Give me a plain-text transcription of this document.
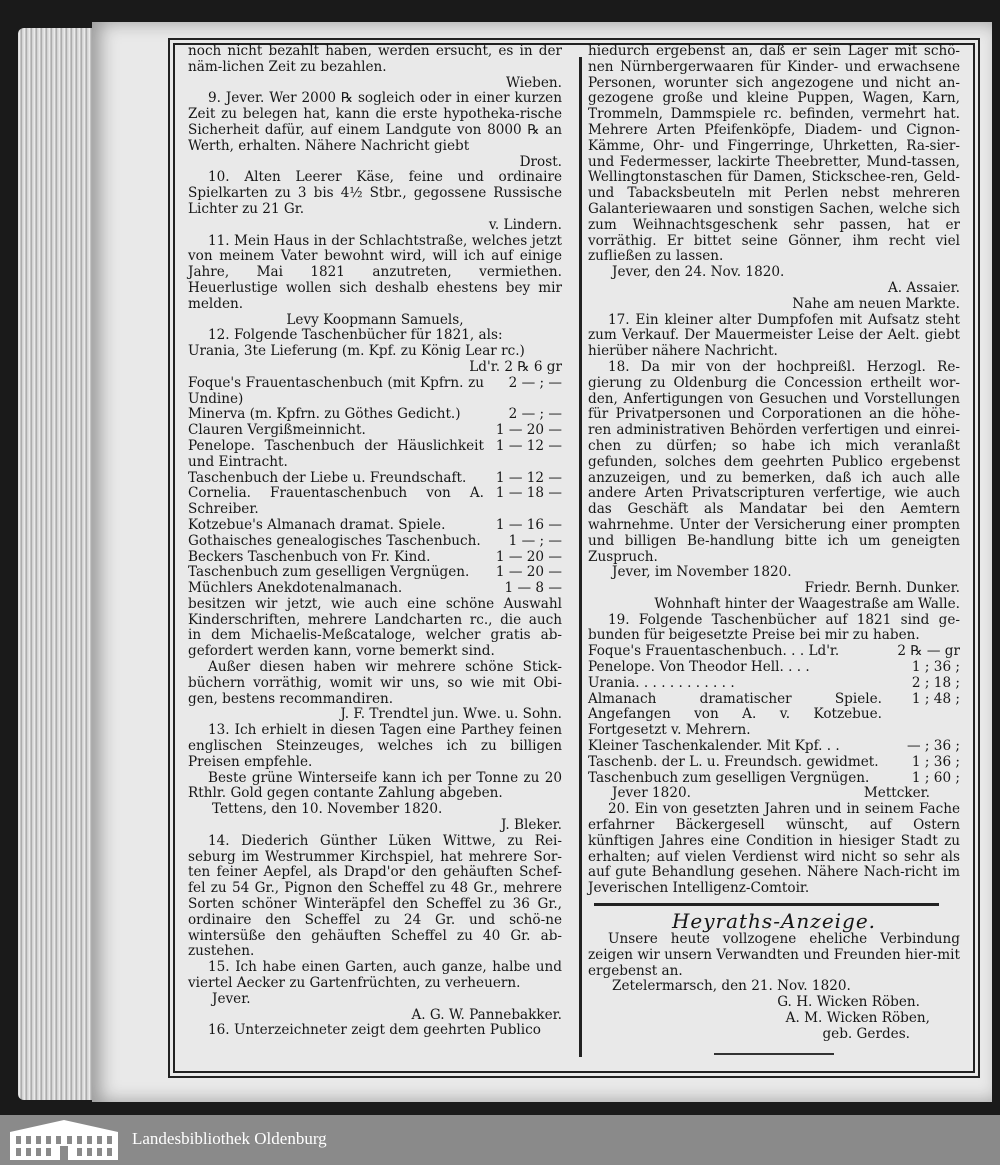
noch nicht bezahlt haben, werden ersucht, es in der näm-lichen Zeit zu bezahlen.

Wieben.

9. Jever. Wer 2000 ℞ sogleich oder in einer kurzen Zeit zu belegen hat, kann die erste hypotheka-rische Sicherheit dafür, auf einem Landgute von 8000 ℞ an Werth, erhalten. Nähere Nachricht giebt

Drost.

10. Alten Leerer Käse, feine und ordinaire Spielkarten zu 3 bis 4½ Stbr., gegossene Russische Lichter zu 21 Gr.

v. Lindern.

11. Mein Haus in der Schlachtstraße, welches jetzt von meinem Vater bewohnt wird, will ich auf einige Jahre, Mai 1821 anzutreten, vermiethen. Heuerlustige wollen sich deshalb ehestens bey mir melden.

Levy Koopmann Samuels,

12. Folgende Taschenbücher für 1821, als:

Urania, 3te Lieferung (m. Kpf. zu König Lear rc.)

Ld'r. 2 ℞ 6 gr

Foque's Frauentaschenbuch (mit Kpfrn. zu Undine)
2 — ; —
Minerva (m. Kpfrn. zu Göthes Gedicht.)	2 — ; —
Clauren Vergißmeinnicht.	1 — 20 —
Penelope. Taschenbuch der Häuslichkeit und Eintracht.
1 — 12 —
Taschenbuch der Liebe u. Freundschaft.	1 — 12 —
Cornelia. Frauentaschenbuch von A. Schreiber.
1 — 18 —
Kotzebue's Almanach dramat. Spiele.	1 — 16 —
Gothaisches genealogisches Taschenbuch.	1 — ; —
Beckers Taschenbuch von Fr. Kind.	1 — 20 —
Taschenbuch zum geselligen Vergnügen.	1 — 20 —
Müchlers Anekdotenalmanach.	1 — 8 —

besitzen wir jetzt, wie auch eine schöne Auswahl Kinderschriften, mehrere Landcharten rc., die auch in dem Michaelis-Meßcataloge, welcher gratis ab-gefordert werden kann, vorne bemerkt sind.

Außer diesen haben wir mehrere schöne Stick-büchern vorräthig, womit wir uns, so wie mit Obi-gen, bestens recommandiren.

J. F. Trendtel jun. Wwe. u. Sohn.

13. Ich erhielt in diesen Tagen eine Parthey feinen englischen Steinzeuges, welches ich zu billigen Preisen empfehle.

Beste grüne Winterseife kann ich per Tonne zu 20 Rthlr. Gold gegen contante Zahlung abgeben.

Tettens, den 10. November 1820.

J. Bleker.

14. Diederich Günther Lüken Wittwe, zu Rei-seburg im Westrummer Kirchspiel, hat mehrere Sor-ten feiner Aepfel, als Drapd'or den gehäuften Schef-fel zu 54 Gr., Pignon den Scheffel zu 48 Gr., mehrere Sorten schöner Winteräpfel den Scheffel zu 36 Gr., ordinaire den Scheffel zu 24 Gr. und schö-ne wintersüße den gehäuften Scheffel zu 40 Gr. ab-zustehen.

15. Ich habe einen Garten, auch ganze, halbe und viertel Aecker zu Gartenfrüchten, zu verheuern.

Jever.

A. G. W. Pannebakker.

16. Unterzeichneter zeigt dem geehrten Publico

hiedurch ergebenst an, daß er sein Lager mit schö-nen Nürnbergerwaaren für Kinder- und erwachsene Personen, worunter sich angezogene und nicht an-gezogene große und kleine Puppen, Wagen, Karn, Trommeln, Dammspiele rc. befinden, vermehrt hat. Mehrere Arten Pfeifenköpfe, Diadem- und Cignon-Kämme, Ohr- und Fingerringe, Uhrketten, Ra-sier- und Federmesser, lackirte Theebretter, Mund-tassen, Wellingtonstaschen für Damen, Stickschee-ren, Geld- und Tabacksbeuteln mit Perlen nebst mehreren Galanteriewaaren und sonstigen Sachen, welche sich zum Weihnachtsgeschenk sehr passen, hat er vorräthig. Er bittet seine Gönner, ihm recht viel zufließen zu lassen.

Jever, den 24. Nov. 1820.

A. Assaier.

Nahe am neuen Markte.

17. Ein kleiner alter Dumpfofen mit Aufsatz steht zum Verkauf. Der Mauermeister Leise der Aelt. giebt hierüber nähere Nachricht.

18. Da mir von der hochpreißl. Herzogl. Re-gierung zu Oldenburg die Concession ertheilt wor-den, Anfertigungen von Gesuchen und Vorstellungen für Privatpersonen und Corporationen an die höhe-ren administrativen Behörden verfertigen und einrei-chen zu dürfen; so habe ich mich veranlaßt gefunden, solches dem geehrten Publico ergebenst anzuzeigen, und zu bemerken, daß ich auch alle andere Arten Privatscripturen verfertige, wie auch das Geschäft als Mandatar bei den Aemtern wahrnehme. Unter der Versicherung einer prompten und billigen Be-handlung bitte ich um geneigten Zuspruch.

Jever, im November 1820.

Friedr. Bernh. Dunker.

Wohnhaft hinter der Waagestraße am Walle.

19. Folgende Taschenbücher auf 1821 sind ge-bunden für beigesetzte Preise bei mir zu haben.

Foque's Frauentaschenbuch. . . Ld'r.	2 ℞ — gr
Penelope. Von Theodor Hell. . . .	1 ; 36 ;
Urania. . . . . . . . . . . .	2 ; 18 ;
Almanach dramatischer Spiele. Angefangen von A. v. Kotzebue. Fortgesetzt v. Mehrern.
1 ; 48 ;
Kleiner Taschenkalender. Mit Kpf. . .	— ; 36 ;
Taschenb. der L. u. Freundsch. gewidmet.	1 ; 36 ;
Taschenbuch zum geselligen Vergnügen.	1 ; 60 ;

Jever 1820.	Mettcker.

20. Ein von gesetzten Jahren und in seinem Fache erfahrner Bäckergesell wünscht, auf Ostern künftigen Jahres eine Condition in hiesiger Stadt zu erhalten; auf vielen Verdienst wird nicht so sehr als auf gute Behandlung gesehen. Nähere Nach-richt im Jeverischen Intelligenz-Comtoir.

Heyraths-Anzeige.

Unsere heute vollzogene eheliche Verbindung zeigen wir unsern Verwandten und Freunden hier-mit ergebenst an.

Zetelermarsch, den 21. Nov. 1820.

G. H. Wicken Röben.

A. M. Wicken Röben,

geb. Gerdes.

Landesbibliothek Oldenburg
